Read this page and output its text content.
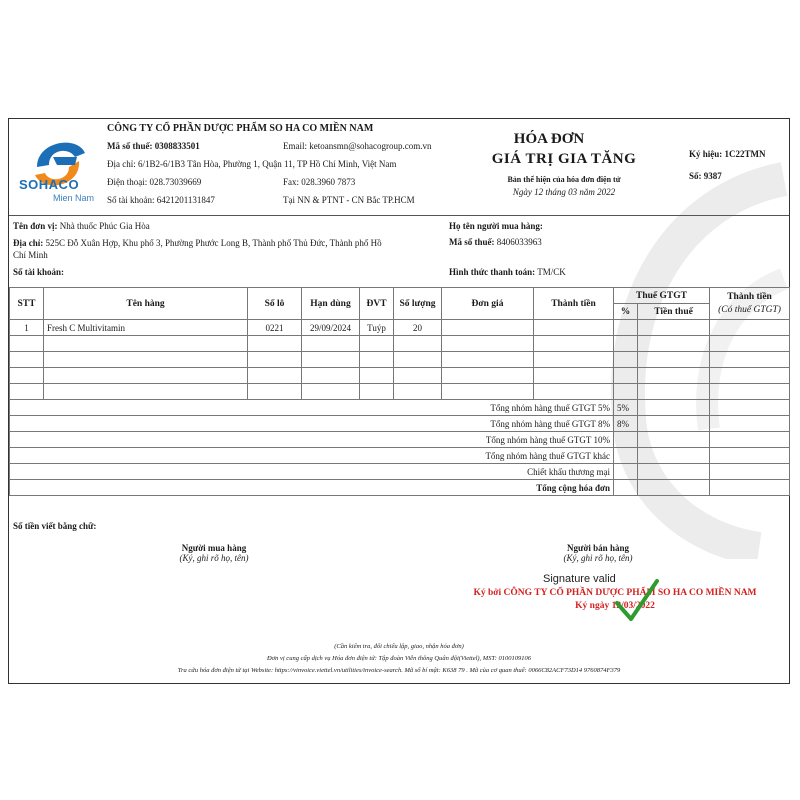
SOHACO
Mien Nam
CÔNG TY CỔ PHẦN DƯỢC PHẨM SO HA CO MIỀN NAM
Mã số thuế: 0308833501	Email: ketoansmn@sohacogroup.com.vn
Địa chỉ: 6/1B2-6/1B3 Tân Hòa, Phường 1, Quận 11, TP Hồ Chí Minh, Việt Nam
Điện thoại: 028.73039669	Fax: 028.3960 7873
Số tài khoản: 6421201131847	Tại NN & PTNT - CN Bắc TP.HCM
HÓA ĐƠN
GIÁ TRỊ GIA TĂNG
Bản thể hiện của hóa đơn điện tử
Ngày 12 tháng 03 năm 2022
Ký hiệu: 1C22TMN
Số: 9387
Tên đơn vị: Nhà thuốc Phúc Gia Hòa	Họ tên người mua hàng:
Địa chỉ: 525C Đỗ Xuân Hợp, Khu phố 3, Phường Phước Long B, Thành phố Thủ Đức, Thành phố Hồ
Chí Minh
Mã số thuế: 8406033963
Số tài khoản:	Hình thức thanh toán: TM/CK
STT	Tên hàng	Số lô	Hạn dùng	ĐVT	Số lượng	Đơn giá	Thành tiền	Thuế GTGT		Thành tiền
(Có thuế GTGT)
								%	Tiền thuế	
1	Fresh C Multivitamin	0221	29/09/2024	Tuýp	20					

	Tổng nhóm hàng thuế GTGT 5%							5%		
	Tổng nhóm hàng thuế GTGT 8%							8%		
	Tổng nhóm hàng thuế GTGT 10%									
	Tổng nhóm hàng thuế GTGT khác									
	Chiết khấu thương mại									
	Tổng cộng hóa đơn									
Số tiền viết bằng chữ:
Người mua hàng
(Ký, ghi rõ họ, tên)
Người bán hàng
(Ký, ghi rõ họ, tên)
Signature valid
Ký bởi CÔNG TY CỔ PHẦN DƯỢC PHẨM SO HA CO MIỀN NAM
Ký ngày 12/03/2022
(Cần kiểm tra, đối chiếu lập, giao, nhận hóa đơn)
Đơn vị cung cấp dịch vụ Hóa đơn điện tử: Tập đoàn Viễn thông Quân đội(Viettel), MST: 0100109106
Tra cứu hóa đơn điện tử tại Website: https://vinvoice.viettel.vn/utilities/invoice-search. Mã số bí mật: K638 79 . Mã của cơ quan thuế: 0066C82ACF73D14 9760874F379
